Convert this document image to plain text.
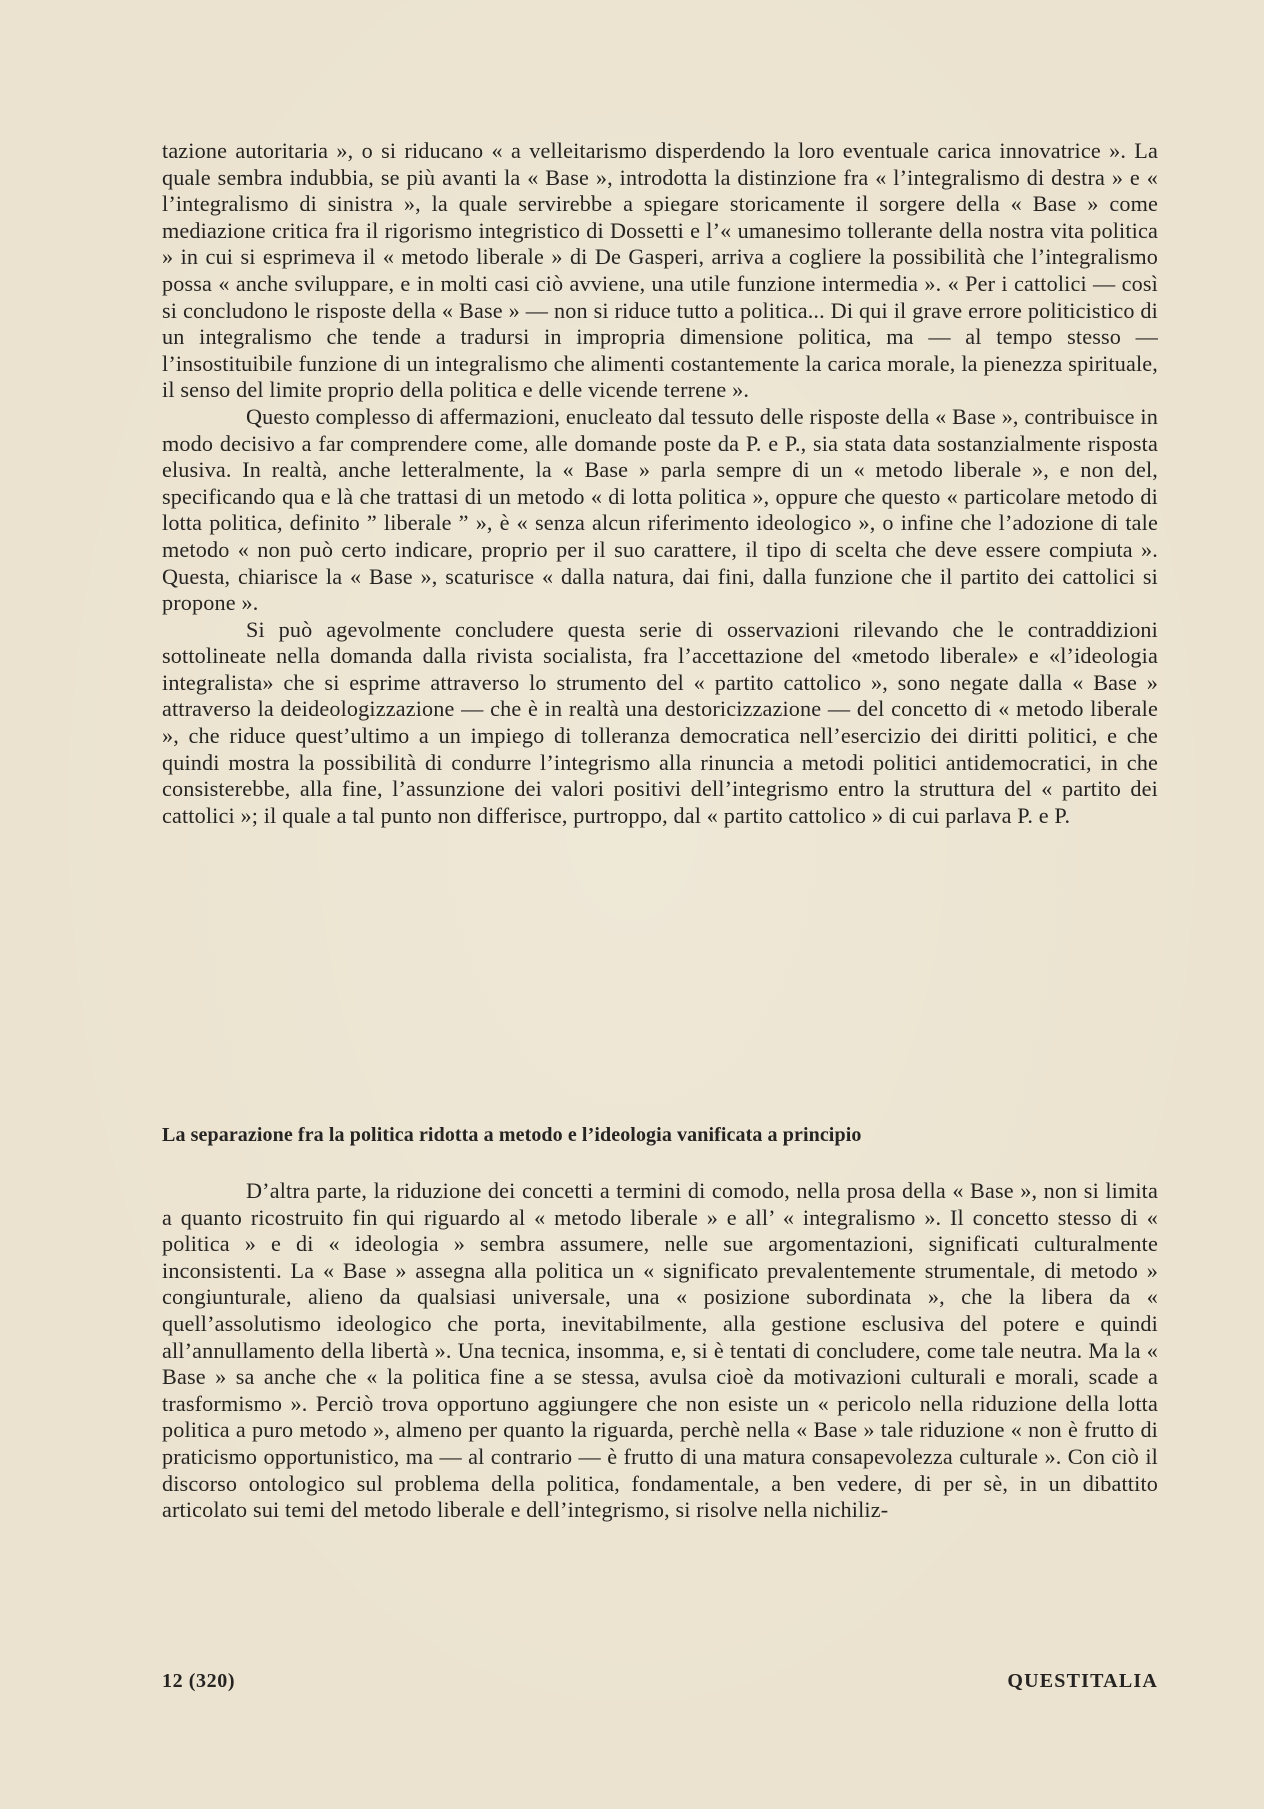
tazione autoritaria », o si riducano « a velleitarismo disperdendo la loro eventuale carica innovatrice ». La quale sembra indubbia, se più avanti la « Base », introdotta la distinzione fra « l’integralismo di destra » e « l’integralismo di sinistra », la quale servirebbe a spiegare storicamente il sorgere della « Base » come mediazione critica fra il rigorismo integristico di Dossetti e l’« umanesimo tollerante della nostra vita politica » in cui si esprimeva il « metodo liberale » di De Gasperi, arriva a cogliere la possibilità che l’integralismo possa « anche sviluppare, e in molti casi ciò avviene, una utile funzione intermedia ». « Per i cattolici — così si concludono le risposte della « Base » — non si riduce tutto a politica... Di qui il grave errore politicistico di un integralismo che tende a tradursi in impropria dimensione politica, ma — al tempo stesso — l’insostituibile funzione di un integralismo che alimenti costantemente la carica morale, la pienezza spirituale, il senso del limite proprio della politica e delle vicende terrene ».

Questo complesso di affermazioni, enucleato dal tessuto delle risposte della « Base », contribuisce in modo decisivo a far comprendere come, alle domande poste da P. e P., sia stata data sostanzialmente risposta elusiva. In realtà, anche letteralmente, la « Base » parla sempre di un « metodo liberale », e non del, specificando qua e là che trattasi di un metodo « di lotta politica », oppure che questo « particolare metodo di lotta politica, definito ” liberale ” », è « senza alcun riferimento ideologico », o infine che l’adozione di tale metodo « non può certo indicare, proprio per il suo carattere, il tipo di scelta che deve essere compiuta ». Questa, chiarisce la « Base », scaturisce « dalla natura, dai fini, dalla funzione che il partito dei cattolici si propone ».

Si può agevolmente concludere questa serie di osservazioni rilevando che le contraddizioni sottolineate nella domanda dalla rivista socialista, fra l’accettazione del «metodo liberale» e «l’ideologia integralista» che si esprime attraverso lo strumento del « partito cattolico », sono negate dalla « Base » attraverso la deideologizzazione — che è in realtà una destoricizzazione — del concetto di « metodo liberale », che riduce quest’ultimo a un impiego di tolleranza democratica nell’esercizio dei diritti politici, e che quindi mostra la possibilità di condurre l’integrismo alla rinuncia a metodi politici antidemocratici, in che consisterebbe, alla fine, l’assunzione dei valori positivi dell’integrismo entro la struttura del « partito dei cattolici »; il quale a tal punto non differisce, purtroppo, dal « partito cattolico » di cui parlava P. e P.

La separazione fra la politica ridotta a metodo e l’ideologia vanificata a principio

D’altra parte, la riduzione dei concetti a termini di comodo, nella prosa della « Base », non si limita a quanto ricostruito fin qui riguardo al « metodo liberale » e all’ « integralismo ». Il concetto stesso di « politica » e di « ideologia » sembra assumere, nelle sue argomentazioni, significati culturalmente inconsistenti. La « Base » assegna alla politica un « significato prevalentemente strumentale, di metodo » congiunturale, alieno da qualsiasi universale, una « posizione subordinata », che la libera da « quell’assolutismo ideologico che porta, inevitabilmente, alla gestione esclusiva del potere e quindi all’annullamento della libertà ». Una tecnica, insomma, e, si è tentati di concludere, come tale neutra. Ma la « Base » sa anche che « la politica fine a se stessa, avulsa cioè da motivazioni culturali e morali, scade a trasformismo ». Perciò trova opportuno aggiungere che non esiste un « pericolo nella riduzione della lotta politica a puro metodo », almeno per quanto la riguarda, perchè nella « Base » tale riduzione « non è frutto di praticismo opportunistico, ma — al contrario — è frutto di una matura consapevolezza culturale ». Con ciò il discorso ontologico sul problema della politica, fondamentale, a ben vedere, di per sè, in un dibattito articolato sui temi del metodo liberale e dell’integrismo, si risolve nella nichiliz-

12 (320)	QUESTITALIA
